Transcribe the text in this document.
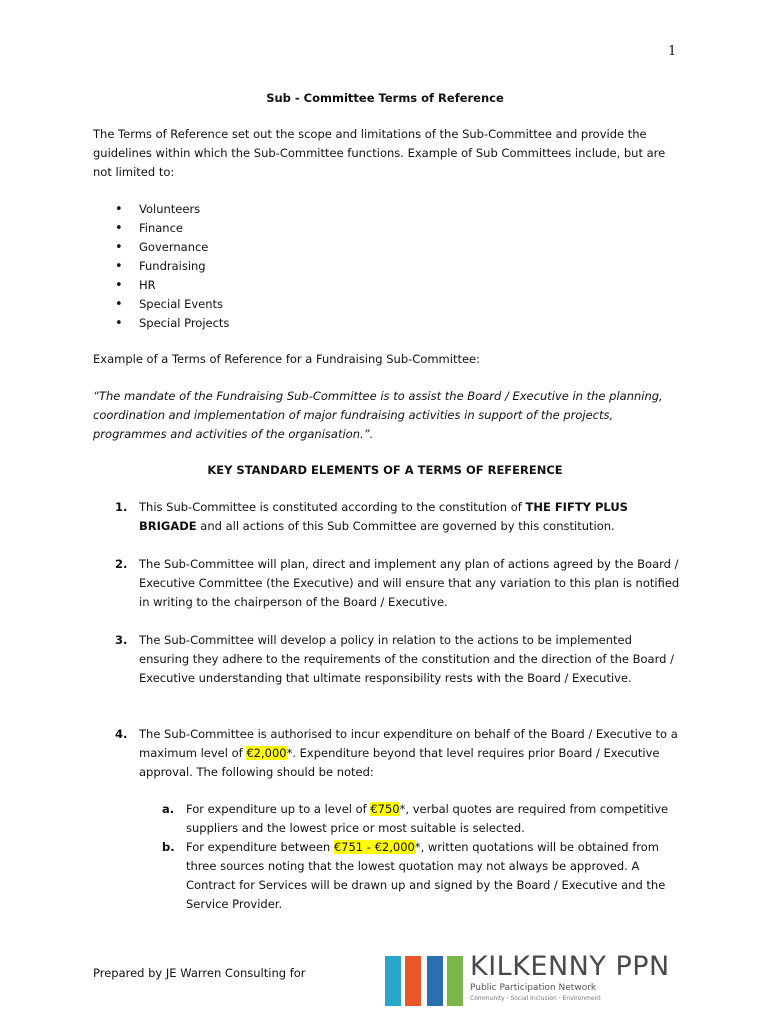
1
Sub - Committee Terms of Reference
The Terms of Reference set out the scope and limitations of the Sub-Committee and provide the guidelines within which the Sub-Committee functions. Example of Sub Committees include, but are not limited to:
• Volunteers
• Finance
• Governance
• Fundraising
• HR
• Special Events
• Special Projects
Example of a Terms of Reference for a Fundraising Sub-Committee:
“The mandate of the Fundraising Sub-Committee is to assist the Board / Executive in the planning, coordination and implementation of major fundraising activities in support of the projects, programmes and activities of the organisation.”.
KEY STANDARD ELEMENTS OF A TERMS OF REFERENCE
1. This Sub-Committee is constituted according to the constitution of THE FIFTY PLUS BRIGADE and all actions of this Sub Committee are governed by this constitution.
2. The Sub-Committee will plan, direct and implement any plan of actions agreed by the Board / Executive Committee (the Executive) and will ensure that any variation to this plan is notified in writing to the chairperson of the Board / Executive.
3. The Sub-Committee will develop a policy in relation to the actions to be implemented ensuring they adhere to the requirements of the constitution and the direction of the Board / Executive understanding that ultimate responsibility rests with the Board / Executive.
4. The Sub-Committee is authorised to incur expenditure on behalf of the Board / Executive to a maximum level of €2,000*. Expenditure beyond that level requires prior Board / Executive approval. The following should be noted:
a. For expenditure up to a level of €750*, verbal quotes are required from competitive suppliers and the lowest price or most suitable is selected.
b. For expenditure between €751 - €2,000*, written quotations will be obtained from three sources noting that the lowest quotation may not always be approved. A Contract for Services will be drawn up and signed by the Board / Executive and the Service Provider.
Prepared by JE Warren Consulting for	KILKENNY PPN
Public Participation Network
Community · Social Inclusion · Environment
